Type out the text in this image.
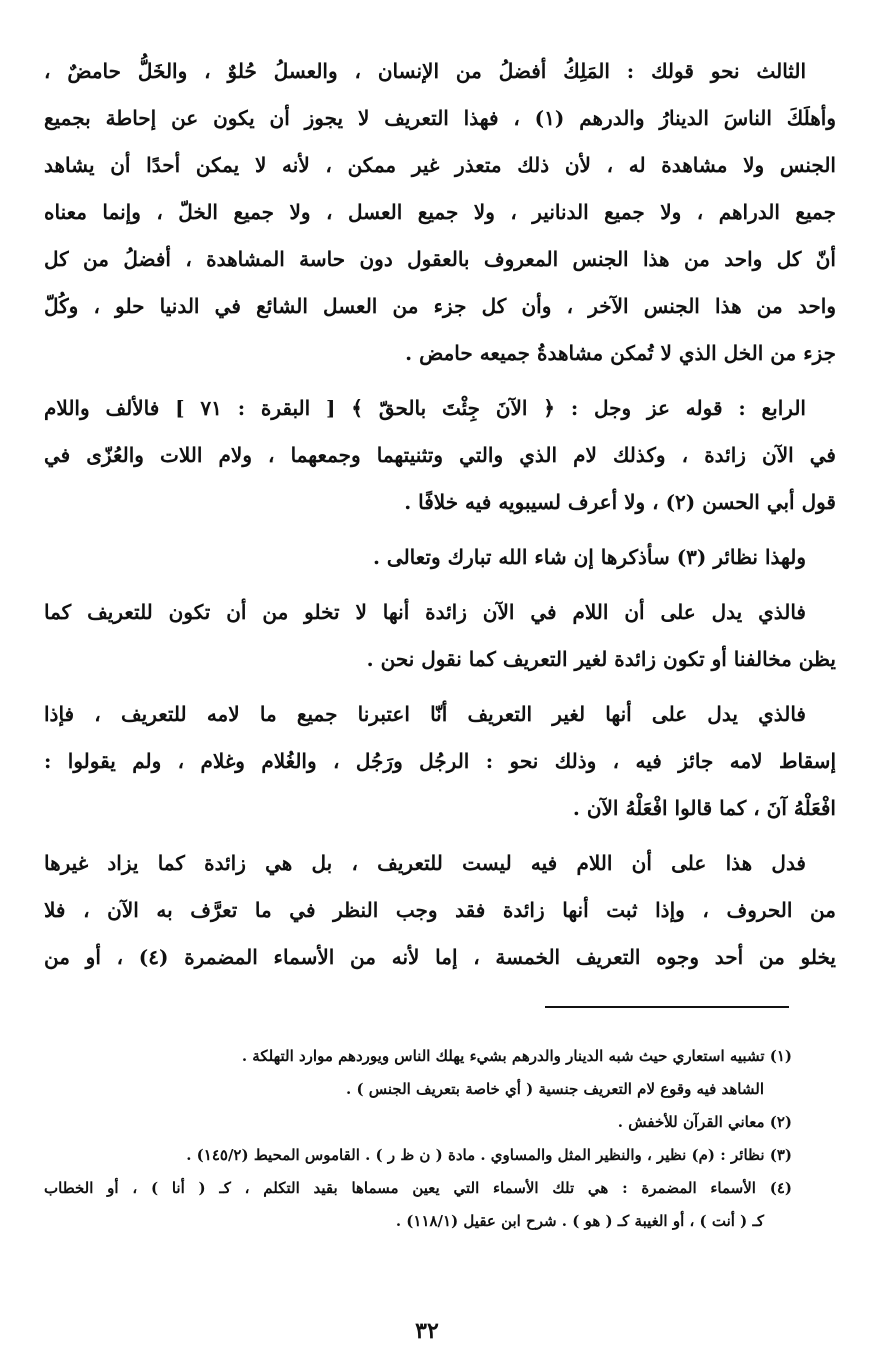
الثالث نحو قولك : المَلِكُ أفضلُ من الإنسان ، والعسلُ حُلوٌ ، والخَلُّ حامضٌ ،
وأهلَكَ الناسَ الدينارُ والدرهم (١) ، فهذا التعريف لا يجوز أن يكون عن إحاطة بجميع
الجنس ولا مشاهدة له ، لأن ذلك متعذر غير ممكن ، لأنه لا يمكن أحدًا أن يشاهد
جميع الدراهم ، ولا جميع الدنانير ، ولا جميع العسل ، ولا جميع الخلّ ، وإنما معناه
أنّ كل واحد من هذا الجنس المعروف بالعقول دون حاسة المشاهدة ، أفضلُ من كل
واحد من هذا الجنس الآخر ، وأن كل جزء من العسل الشائع في الدنيا حلو ، وكُلّ
جزء من الخل الذي لا تُمكن مشاهدةُ جميعه حامض .
الرابع : قوله عز وجل : ﴿ الآنَ جِئْتَ بالحقّ ﴾ [ البقرة : ٧١ ] فالألف واللام
في الآن زائدة ، وكذلك لام الذي والتي وتثنيتهما وجمعهما ، ولام اللات والعُزّى في
قول أبي الحسن (٢) ، ولا أعرف لسيبويه فيه خلافًا .
ولهذا نظائر (٣) سأذكرها إن شاء الله تبارك وتعالى .
فالذي يدل على أن اللام في الآن زائدة أنها لا تخلو من أن تكون للتعريف كما
يظن مخالفنا أو تكون زائدة لغير التعريف كما نقول نحن .
فالذي يدل على أنها لغير التعريف أنّا اعتبرنا جميع ما لامه للتعريف ، فإذا
إسقاط لامه جائز فيه ، وذلك نحو : الرجُل ورَجُل ، والغُلام وغلام ، ولم يقولوا :
افْعَلْهُ آنَ ، كما قالوا افْعَلْهُ الآن .
فدل هذا على أن اللام فيه ليست للتعريف ، بل هي زائدة كما يزاد غيرها
من الحروف ، وإذا ثبت أنها زائدة فقد وجب النظر في ما تعرَّف به الآن ، فلا
يخلو من أحد وجوه التعريف الخمسة ، إما لأنه من الأسماء المضمرة (٤) ، أو من
(١) تشبيه استعاري حيث شبه الدينار والدرهم بشيء يهلك الناس ويوردهم موارد التهلكة .
الشاهد فيه وقوع لام التعريف جنسية ( أي خاصة بتعريف الجنس ) .
(٢) معاني القرآن للأخفش .
(٣) نظائر : (م) نظير ، والنظير المثل والمساوي . مادة ( ن ظ ر ) . القاموس المحيط (١٤٥/٢) .
(٤) الأسماء المضمرة : هي تلك الأسماء التي يعين مسماها بقيد التكلم ، كـ ( أنا ) ، أو الخطاب
كـ ( أنت ) ، أو الغيبة كـ ( هو ) . شرح ابن عقيل (١١٨/١) .
٣٢
